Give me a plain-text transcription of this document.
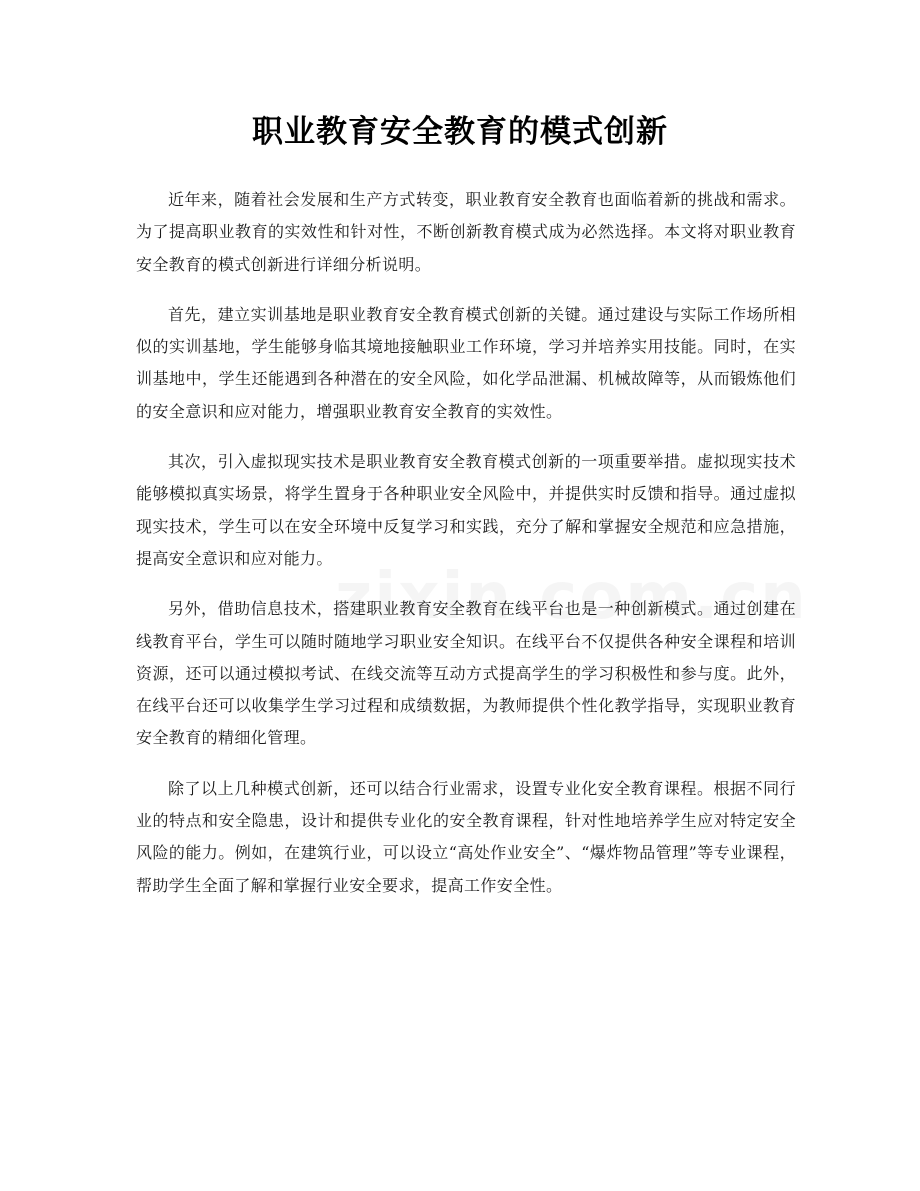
职业教育安全教育的模式创新

近年来，随着社会发展和生产方式转变，职业教育安全教育也面临着新的挑战和需求。为了提高职业教育的实效性和针对性，不断创新教育模式成为必然选择。本文将对职业教育安全教育的模式创新进行详细分析说明。

首先，建立实训基地是职业教育安全教育模式创新的关键。通过建设与实际工作场所相似的实训基地，学生能够身临其境地接触职业工作环境，学习并培养实用技能。同时，在实训基地中，学生还能遇到各种潜在的安全风险，如化学品泄漏、机械故障等，从而锻炼他们的安全意识和应对能力，增强职业教育安全教育的实效性。

其次，引入虚拟现实技术是职业教育安全教育模式创新的一项重要举措。虚拟现实技术能够模拟真实场景，将学生置身于各种职业安全风险中，并提供实时反馈和指导。通过虚拟现实技术，学生可以在安全环境中反复学习和实践，充分了解和掌握安全规范和应急措施，提高安全意识和应对能力。

另外，借助信息技术，搭建职业教育安全教育在线平台也是一种创新模式。通过创建在线教育平台，学生可以随时随地学习职业安全知识。在线平台不仅提供各种安全课程和培训资源，还可以通过模拟考试、在线交流等互动方式提高学生的学习积极性和参与度。此外，在线平台还可以收集学生学习过程和成绩数据，为教师提供个性化教学指导，实现职业教育安全教育的精细化管理。

除了以上几种模式创新，还可以结合行业需求，设置专业化安全教育课程。根据不同行业的特点和安全隐患，设计和提供专业化的安全教育课程，针对性地培养学生应对特定安全风险的能力。例如，在建筑行业，可以设立“高处作业安全”、“爆炸物品管理”等专业课程，帮助学生全面了解和掌握行业安全要求，提高工作安全性。
